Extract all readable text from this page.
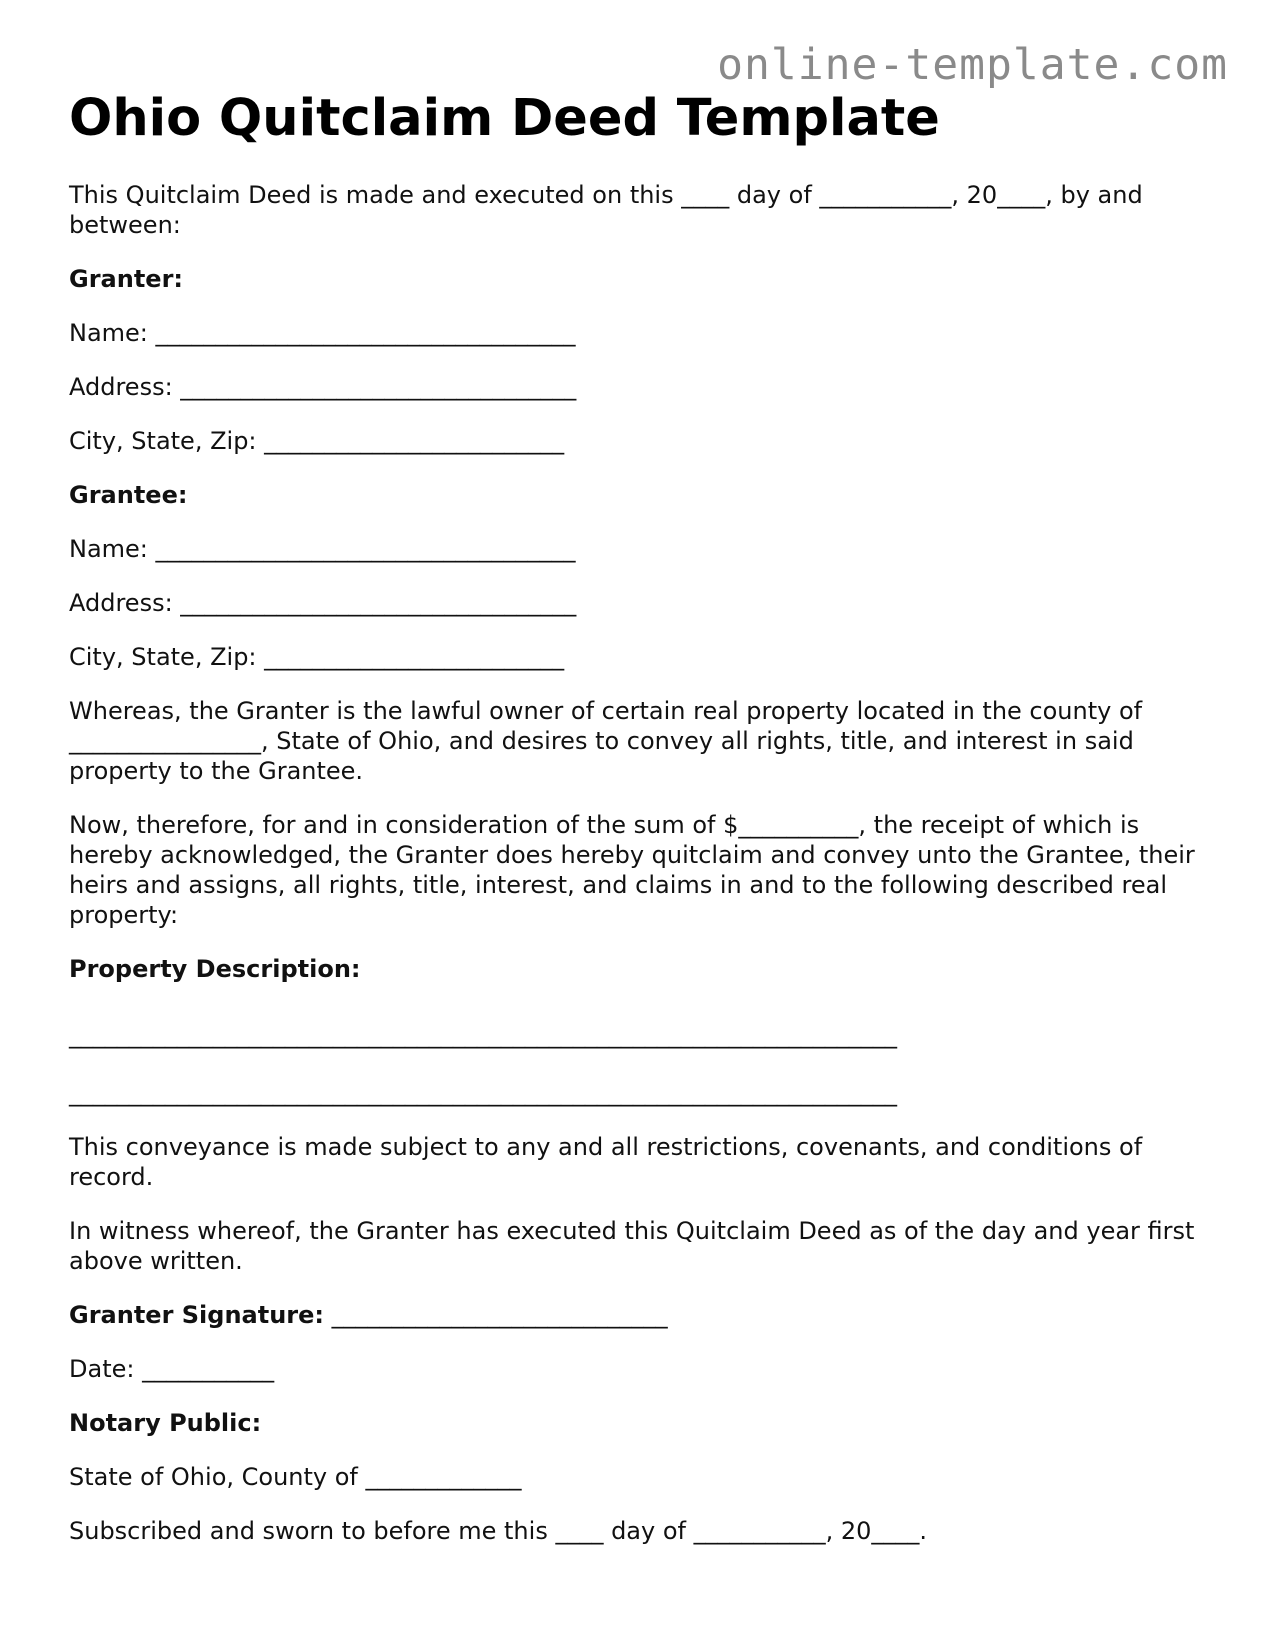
online-template.com
Ohio Quitclaim Deed Template

This Quitclaim Deed is made and executed on this ____ day of ___________, 20____, by and between:

Granter:

Name: ___________________________________

Address: _________________________________

City, State, Zip: _________________________

Grantee:

Name: ___________________________________

Address: _________________________________

City, State, Zip: _________________________

Whereas, the Granter is the lawful owner of certain real property located in the county of ________________, State of Ohio, and desires to convey all rights, title, and interest in said property to the Grantee.

Now, therefore, for and in consideration of the sum of $__________, the receipt of which is hereby acknowledged, the Granter does hereby quitclaim and convey unto the Grantee, their heirs and assigns, all rights, title, interest, and claims in and to the following described real property:

Property Description:

_____________________________________________________________________

_____________________________________________________________________

This conveyance is made subject to any and all restrictions, covenants, and conditions of record.

In witness whereof, the Granter has executed this Quitclaim Deed as of the day and year first above written.

Granter Signature: ____________________________

Date: ___________

Notary Public:

State of Ohio, County of _____________

Subscribed and sworn to before me this ____ day of ___________, 20____.
